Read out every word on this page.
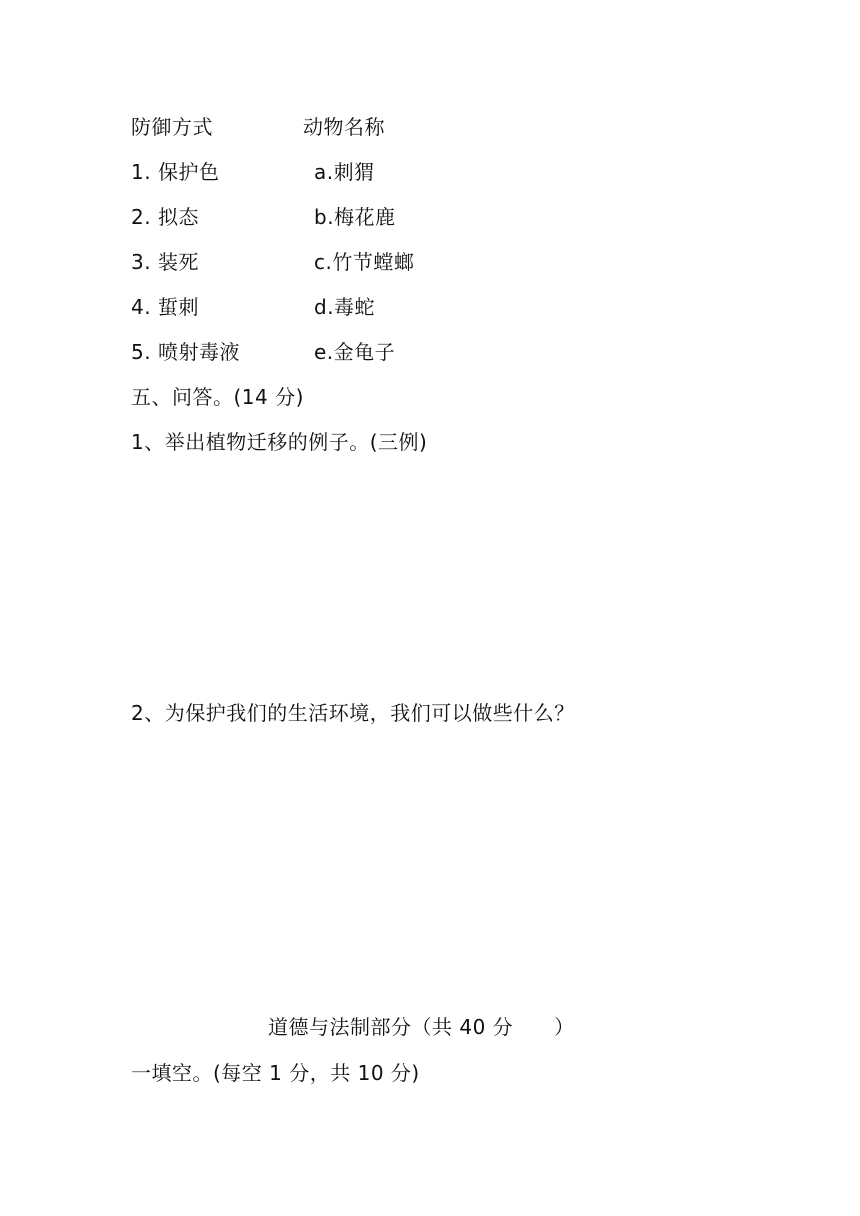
防御方式	动物名称
1. 保护色	a.刺猬
2. 拟态	b.梅花鹿
3. 装死	c.竹节螳螂
4. 蜇刺	d.毒蛇
5. 喷射毒液	e.金龟子
五、问答。(14 分)
1、举出植物迁移的例子。(三例)
2、为保护我们的生活环境，我们可以做些什么？
道德与法制部分（共 40 分　　）
一填空。(每空 1 分，共 10 分)
